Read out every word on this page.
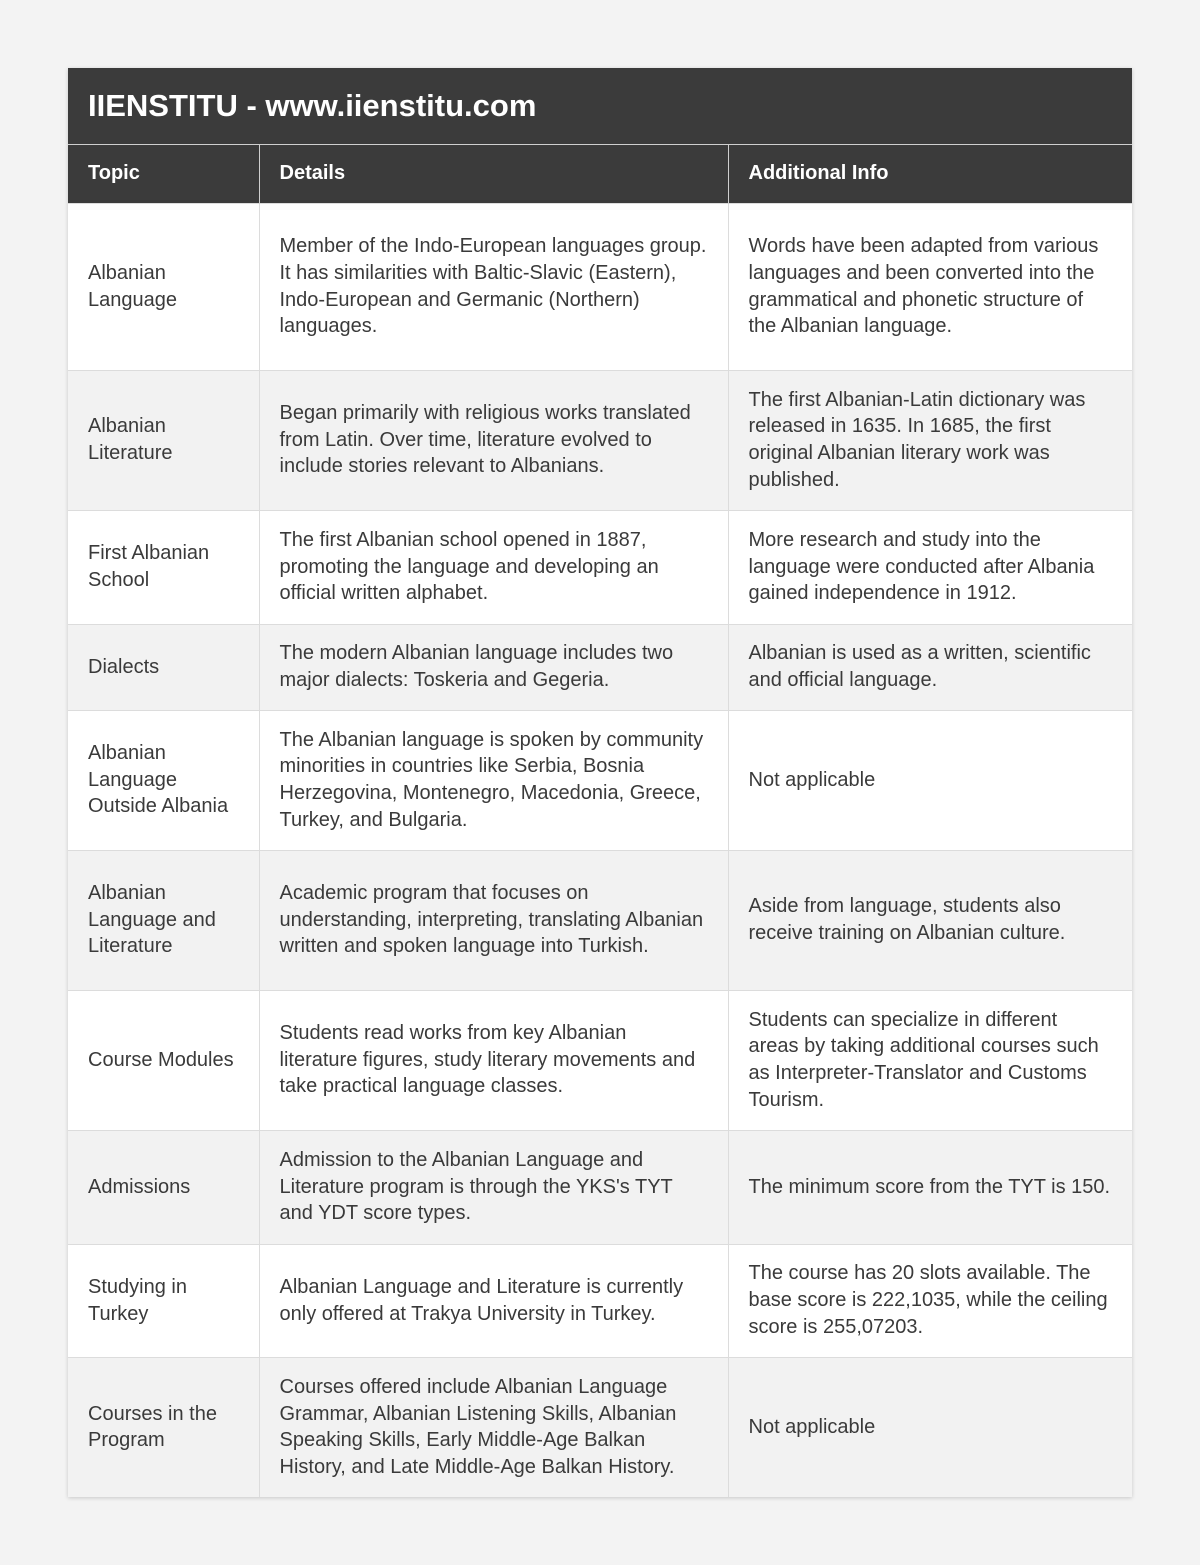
IIENSTITU - www.iienstitu.com
Topic	Details	Additional Info
Albanian Language	Member of the Indo-European languages group. It has similarities with Baltic-Slavic (Eastern), Indo-European and Germanic (Northern) languages.	Words have been adapted from various languages and been converted into the grammatical and phonetic structure of the Albanian language.
Albanian Literature	Began primarily with religious works translated from Latin. Over time, literature evolved to include stories relevant to Albanians.	The first Albanian-Latin dictionary was released in 1635. In 1685, the first original Albanian literary work was published.
First Albanian School	The first Albanian school opened in 1887, promoting the language and developing an official written alphabet.	More research and study into the language were conducted after Albania gained independence in 1912.
Dialects	The modern Albanian language includes two major dialects: Toskeria and Gegeria.	Albanian is used as a written, scientific and official language.
Albanian Language Outside Albania	The Albanian language is spoken by community minorities in countries like Serbia, Bosnia Herzegovina, Montenegro, Macedonia, Greece, Turkey, and Bulgaria.	Not applicable
Albanian Language and Literature	Academic program that focuses on understanding, interpreting, translating Albanian written and spoken language into Turkish.	Aside from language, students also receive training on Albanian culture.
Course Modules	Students read works from key Albanian literature figures, study literary movements and take practical language classes.	Students can specialize in different areas by taking additional courses such as Interpreter-Translator and Customs Tourism.
Admissions	Admission to the Albanian Language and Literature program is through the YKS's TYT and YDT score types.	The minimum score from the TYT is 150.
Studying in Turkey	Albanian Language and Literature is currently only offered at Trakya University in Turkey.	The course has 20 slots available. The base score is 222,1035, while the ceiling score is 255,07203.
Courses in the Program	Courses offered include Albanian Language Grammar, Albanian Listening Skills, Albanian Speaking Skills, Early Middle-Age Balkan History, and Late Middle-Age Balkan History.	Not applicable
